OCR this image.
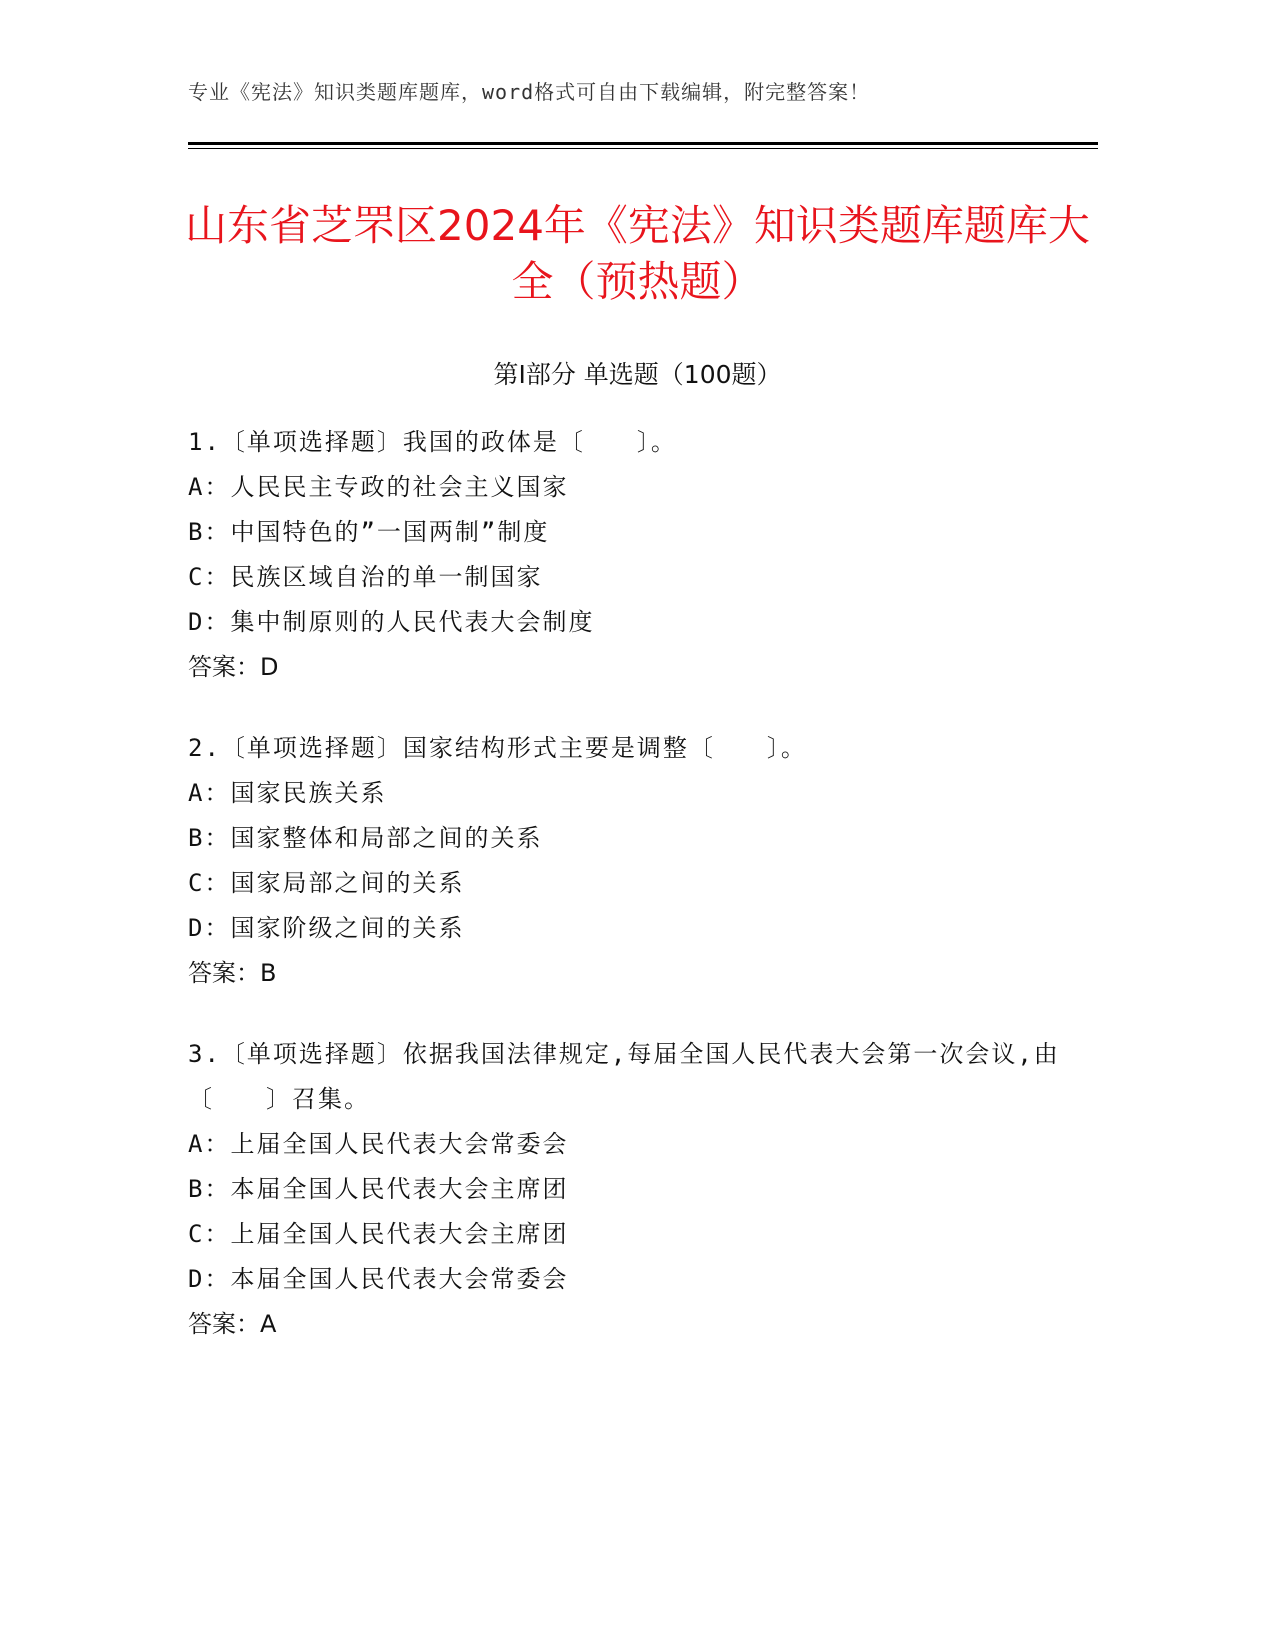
专业《宪法》知识类题库题库，word格式可自由下载编辑，附完整答案！
山东省芝罘区2024年《宪法》知识类题库题库大全（预热题）
第I部分 单选题（100题）
1.〔单项选择题〕我国的政体是〔　　〕。
A：人民民主专政的社会主义国家
B：中国特色的”一国两制”制度
C：民族区域自治的单一制国家
D：集中制原则的人民代表大会制度
答案：D
2.〔单项选择题〕国家结构形式主要是调整〔　　〕。
A：国家民族关系
B：国家整体和局部之间的关系
C：国家局部之间的关系
D：国家阶级之间的关系
答案：B
3.〔单项选择题〕依据我国法律规定,每届全国人民代表大会第一次会议,由〔　　〕召集。
A：上届全国人民代表大会常委会
B：本届全国人民代表大会主席团
C：上届全国人民代表大会主席团
D：本届全国人民代表大会常委会
答案：A
